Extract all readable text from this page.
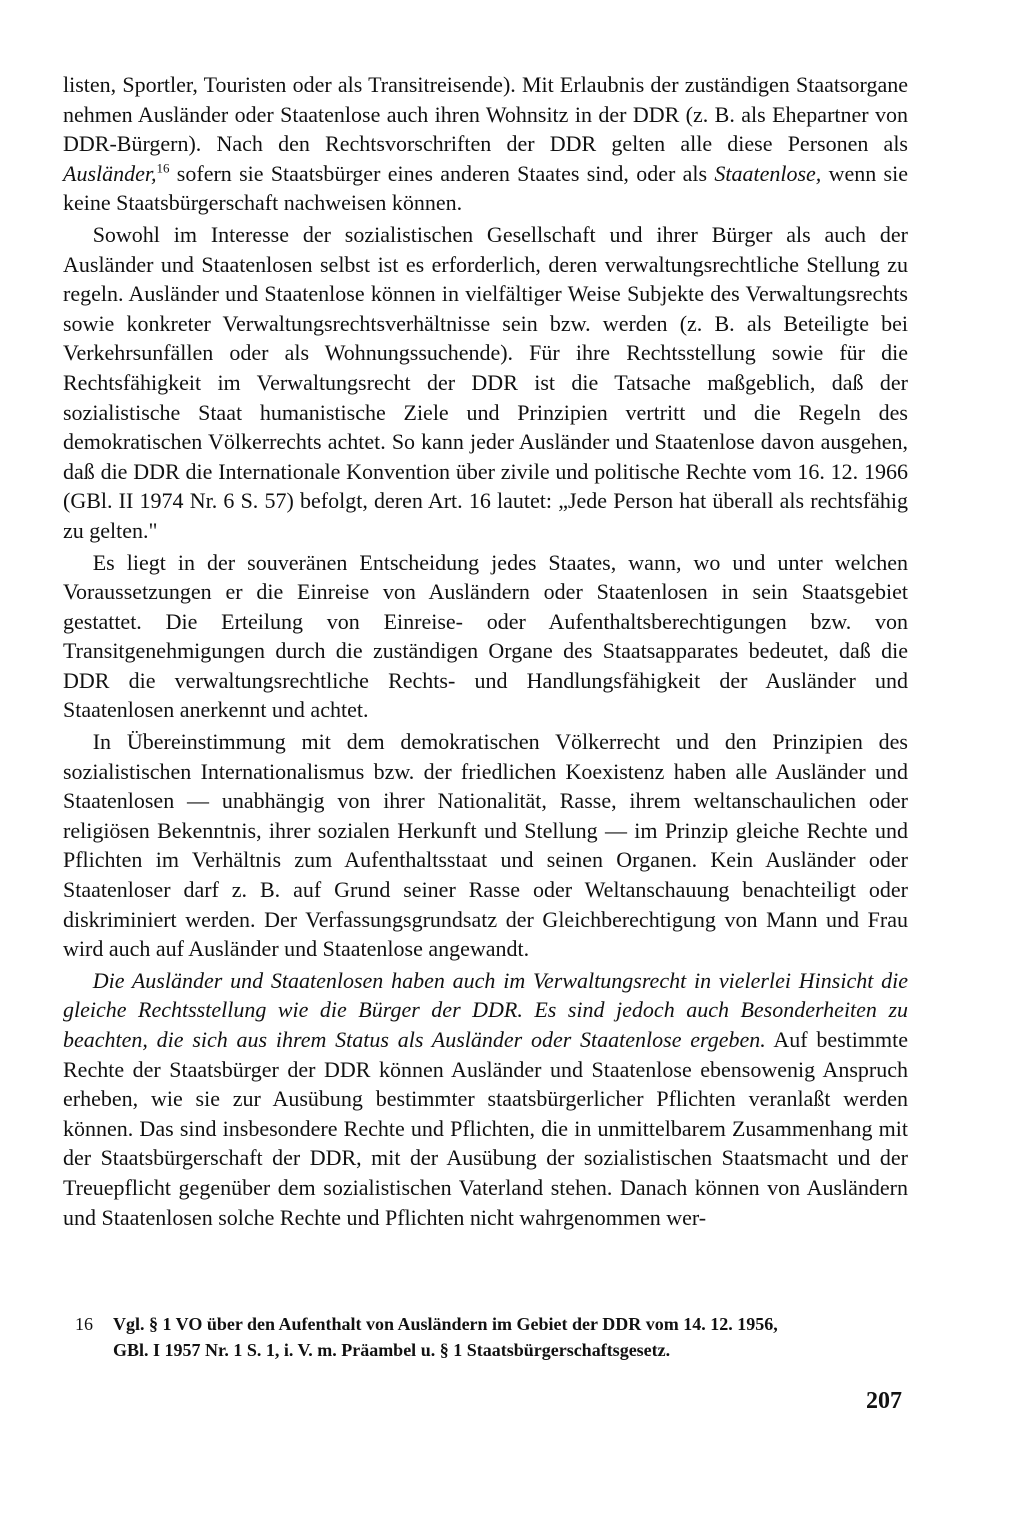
listen, Sportler, Touristen oder als Transitreisende). Mit Erlaubnis der zuständigen Staatsorgane nehmen Ausländer oder Staatenlose auch ihren Wohnsitz in der DDR (z. B. als Ehepartner von DDR-Bürgern). Nach den Rechtsvorschriften der DDR gelten alle diese Personen als Ausländer,$^{16}$ sofern sie Staatsbürger eines anderen Staates sind, oder als Staatenlose, wenn sie keine Staatsbürgerschaft nachweisen können.

Sowohl im Interesse der sozialistischen Gesellschaft und ihrer Bürger als auch der Ausländer und Staatenlosen selbst ist es erforderlich, deren verwaltungsrechtliche Stellung zu regeln. Ausländer und Staatenlose können in vielfältiger Weise Subjekte des Verwaltungsrechts sowie konkreter Verwaltungsrechtsverhältnisse sein bzw. werden (z. B. als Beteiligte bei Verkehrsunfällen oder als Wohnungssuchende). Für ihre Rechtsstellung sowie für die Rechtsfähigkeit im Verwaltungsrecht der DDR ist die Tatsache maßgeblich, daß der sozialistische Staat humanistische Ziele und Prinzipien vertritt und die Regeln des demokratischen Völkerrechts achtet. So kann jeder Ausländer und Staatenlose davon ausgehen, daß die DDR die Internationale Konvention über zivile und politische Rechte vom 16. 12. 1966 (GBl. II 1974 Nr. 6 S. 57) befolgt, deren Art. 16 lautet: „Jede Person hat überall als rechtsfähig zu gelten."

Es liegt in der souveränen Entscheidung jedes Staates, wann, wo und unter welchen Voraussetzungen er die Einreise von Ausländern oder Staatenlosen in sein Staatsgebiet gestattet. Die Erteilung von Einreise- oder Aufenthaltsberechtigungen bzw. von Transitgenehmigungen durch die zuständigen Organe des Staatsapparates bedeutet, daß die DDR die verwaltungsrechtliche Rechts- und Handlungsfähigkeit der Ausländer und Staatenlosen anerkennt und achtet.

In Übereinstimmung mit dem demokratischen Völkerrecht und den Prinzipien des sozialistischen Internationalismus bzw. der friedlichen Koexistenz haben alle Ausländer und Staatenlosen — unabhängig von ihrer Nationalität, Rasse, ihrem weltanschaulichen oder religiösen Bekenntnis, ihrer sozialen Herkunft und Stellung — im Prinzip gleiche Rechte und Pflichten im Verhältnis zum Aufenthaltsstaat und seinen Organen. Kein Ausländer oder Staatenloser darf z. B. auf Grund seiner Rasse oder Weltanschauung benachteiligt oder diskriminiert werden. Der Verfassungsgrundsatz der Gleichberechtigung von Mann und Frau wird auch auf Ausländer und Staatenlose angewandt.

Die Ausländer und Staatenlosen haben auch im Verwaltungsrecht in vielerlei Hinsicht die gleiche Rechtsstellung wie die Bürger der DDR. Es sind jedoch auch Besonderheiten zu beachten, die sich aus ihrem Status als Ausländer oder Staatenlose ergeben. Auf bestimmte Rechte der Staatsbürger der DDR können Ausländer und Staatenlose ebensowenig Anspruch erheben, wie sie zur Ausübung bestimmter staatsbürgerlicher Pflichten veranlaßt werden können. Das sind insbesondere Rechte und Pflichten, die in unmittelbarem Zusammenhang mit der Staatsbürgerschaft der DDR, mit der Ausübung der sozialistischen Staatsmacht und der Treuepflicht gegenüber dem sozialistischen Vaterland stehen. Danach können von Ausländern und Staatenlosen solche Rechte und Pflichten nicht wahrgenommen wer-

16	Vgl. § 1 VO über den Aufenthalt von Ausländern im Gebiet der DDR vom 14. 12. 1956,
GBl. I 1957 Nr. 1 S. 1, i. V. m. Präambel u. § 1 Staatsbürgerschaftsgesetz.
207
